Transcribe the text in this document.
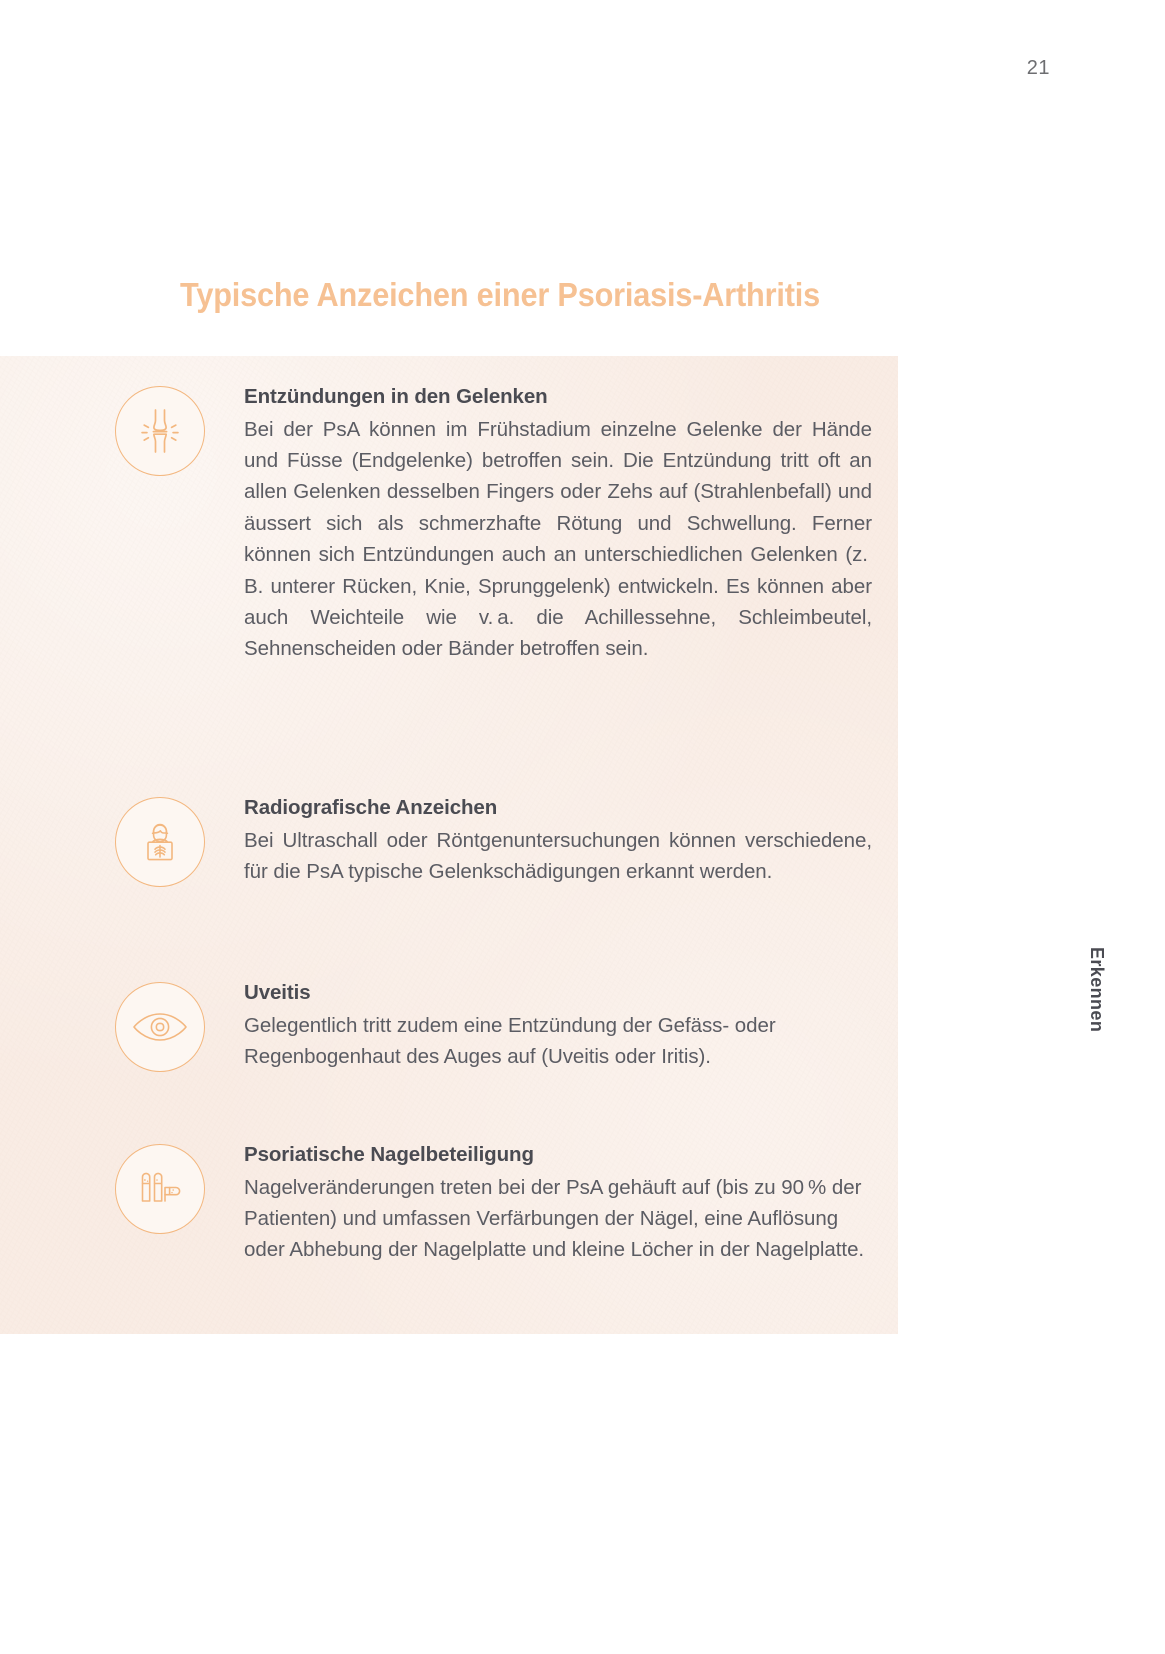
21
Typische Anzeichen einer Psoriasis-Arthritis
Erkennen
Entzündungen in den Gelenken

Bei der PsA können im Frühstadium einzelne Gelenke der Hände und Füsse (Endgelenke) betroffen sein. Die Entzündung tritt oft an allen Gelenken desselben Fingers oder Zehs auf (Strahlenbefall) und äussert sich als schmerzhafte Rötung und Schwellung. Ferner können sich Entzündungen auch an unterschiedlichen Gelenken (z. B. unterer Rücken, Knie, Sprunggelenk) entwickeln. Es können aber auch Weichteile wie v. a. die Achillessehne, Schleimbeutel, Sehnenscheiden oder Bänder betroffen sein.

Radiografische Anzeichen

Bei Ultraschall oder Röntgenuntersuchungen können verschiedene, für die PsA typische Gelenkschädigungen erkannt werden.

Uveitis

Gelegentlich tritt zudem eine Entzündung der Gefäss- oder Regenbogenhaut des Auges auf (Uveitis oder Iritis).

Psoriatische Nagelbeteiligung

Nagelveränderungen treten bei der PsA gehäuft auf (bis zu 90 % der Patienten) und umfassen Verfärbungen der Nägel, eine Auflösung oder Abhebung der Nagelplatte und kleine Löcher in der Nagelplatte.
